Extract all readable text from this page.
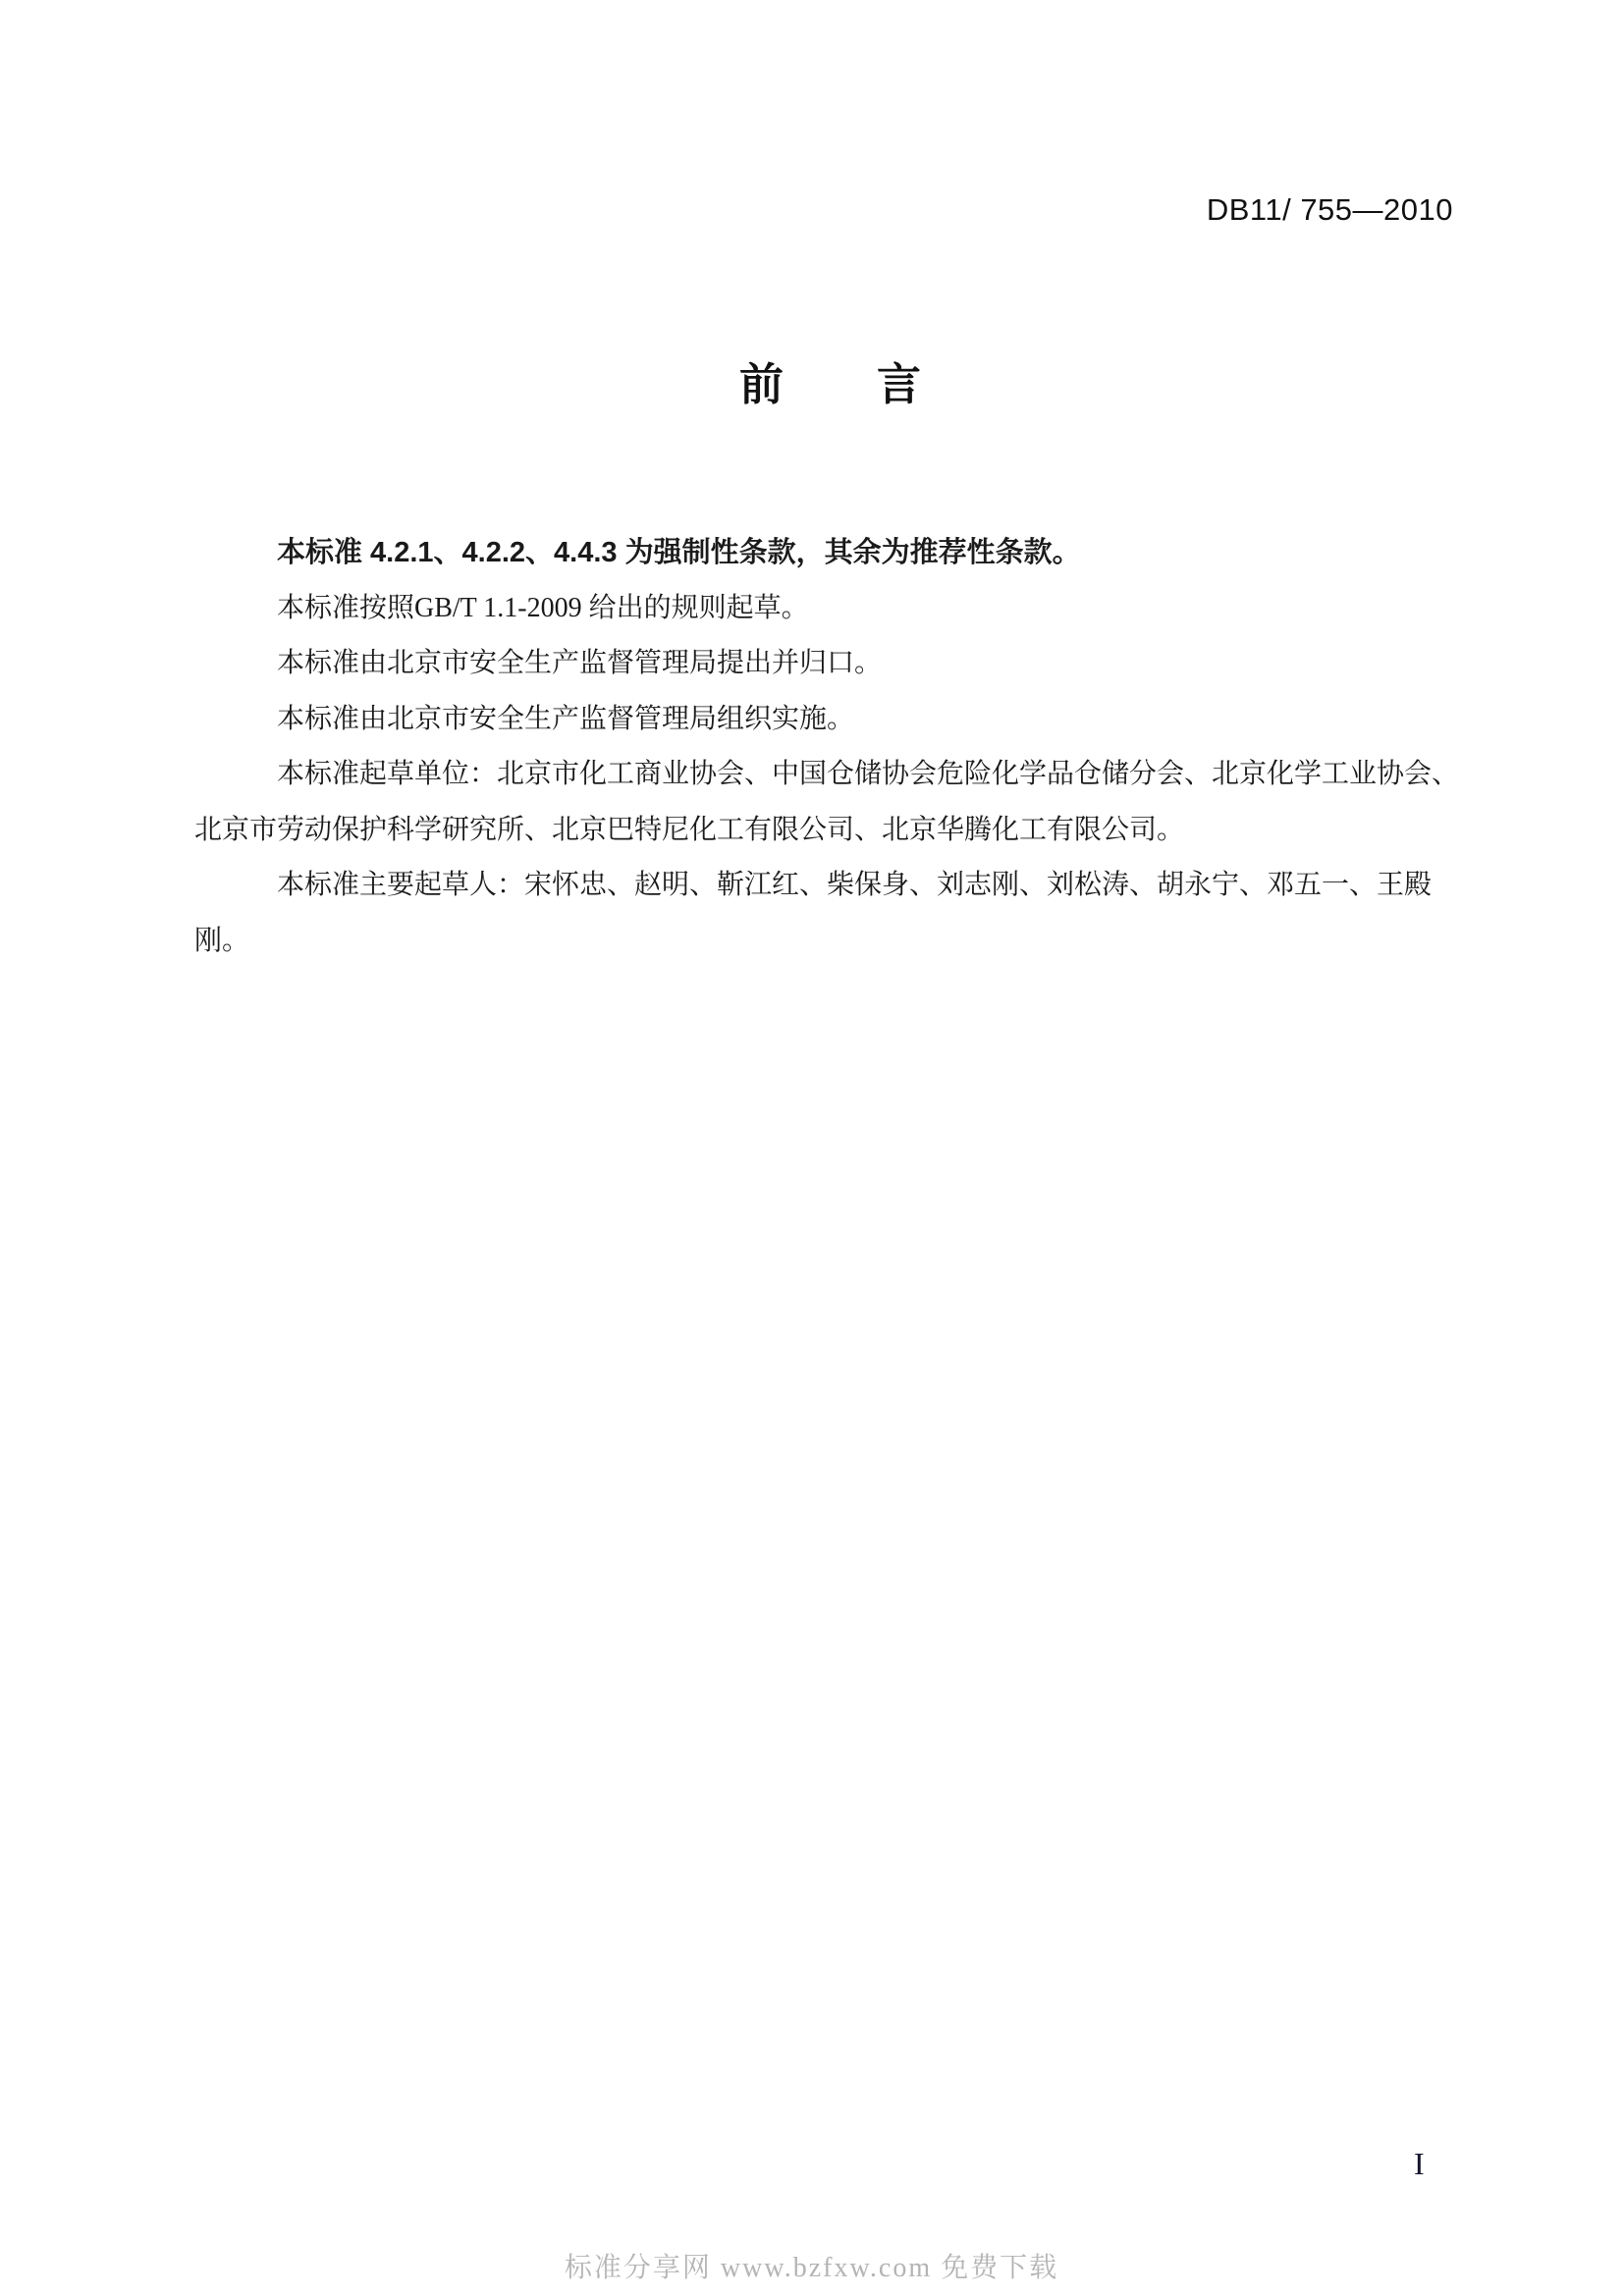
DB11/ 755—2010
前 言
本标准 4.2.1、4.2.2、4.4.3 为强制性条款，其余为推荐性条款。
本标准按照GB/T 1.1-2009 给出的规则起草。
本标准由北京市安全生产监督管理局提出并归口。
本标准由北京市安全生产监督管理局组织实施。
本标准起草单位：北京市化工商业协会、中国仓储协会危险化学品仓储分会、北京化学工业协会、
北京市劳动保护科学研究所、北京巴特尼化工有限公司、北京华腾化工有限公司。
本标准主要起草人：宋怀忠、赵明、靳江红、柴保身、刘志刚、刘松涛、胡永宁、邓五一、王殿
刚。
I
标准分享网 www.bzfxw.com 免费下载
